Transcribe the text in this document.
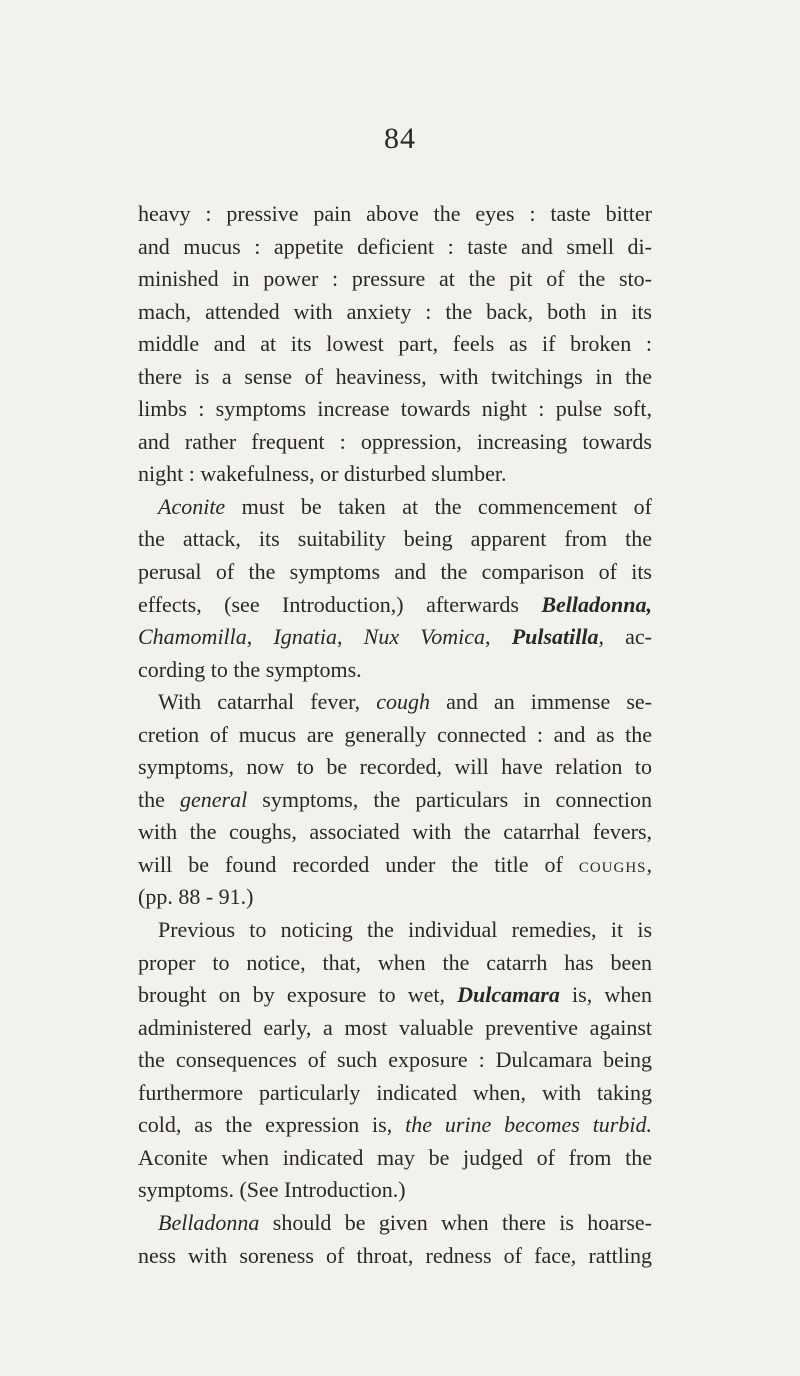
84
heavy : pressive pain above the eyes : taste bitter
and mucus : appetite deficient : taste and smell di-
minished in power : pressure at the pit of the sto-
mach, attended with anxiety : the back, both in its
middle and at its lowest part, feels as if broken :
there is a sense of heaviness, with twitchings in the
limbs : symptoms increase towards night : pulse soft,
and rather frequent : oppression, increasing towards
night : wakefulness, or disturbed slumber.
Aconite must be taken at the commencement of
the attack, its suitability being apparent from the
perusal of the symptoms and the comparison of its
effects, (see Introduction,) afterwards Belladonna,
Chamomilla, Ignatia, Nux Vomica, Pulsatilla, ac-
cording to the symptoms.
With catarrhal fever, cough and an immense se-
cretion of mucus are generally connected : and as the
symptoms, now to be recorded, will have relation to
the general symptoms, the particulars in connection
with the coughs, associated with the catarrhal fevers,
will be found recorded under the title of coughs,
(pp. 88 - 91.)
Previous to noticing the individual remedies, it is
proper to notice, that, when the catarrh has been
brought on by exposure to wet, Dulcamara is, when
administered early, a most valuable preventive against
the consequences of such exposure : Dulcamara being
furthermore particularly indicated when, with taking
cold, as the expression is, the urine becomes turbid.
Aconite when indicated may be judged of from the
symptoms. (See Introduction.)
Belladonna should be given when there is hoarse-
ness with soreness of throat, redness of face, rattling
